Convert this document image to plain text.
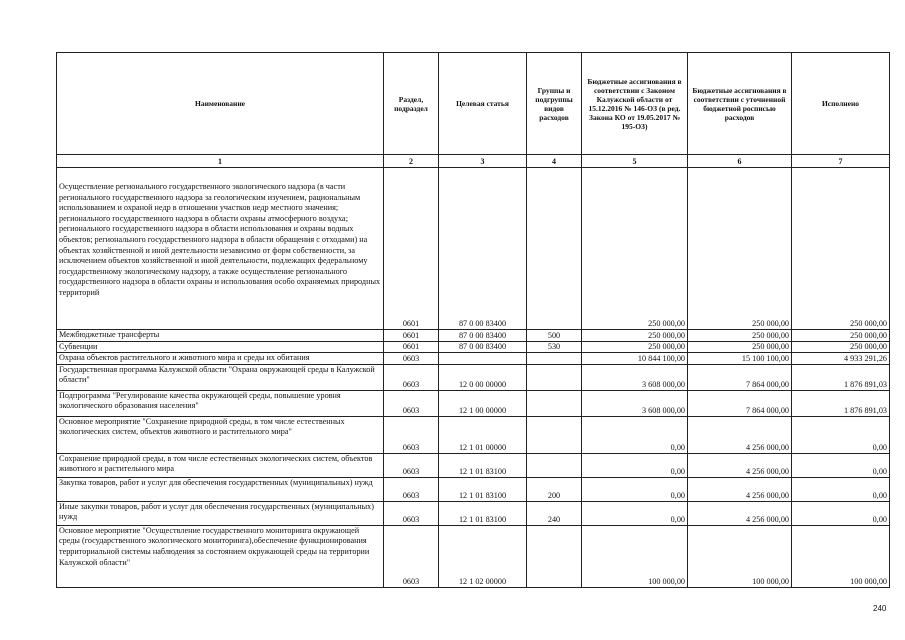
Наименование	Раздел, подраздел	Целевая статья	Группы и подгруппы видов расходов	Бюджетные ассигнования в соответствии с Законом Калужской области от 15.12.2016 № 146-ОЗ (в ред. Закона КО от 19.05.2017 № 195-ОЗ)	Бюджетные ассигнования в соответствии с уточненной бюджетной росписью расходов	Исполнено
1	2	3	4	5	6	7
Осуществление регионального государственного экологического надзора (в части регионального государственного надзора за геологическим изучением, рациональным использованием и охраной недр в отношении участков недр местного значения; регионального государственного надзора в области охраны атмосферного воздуха; регионального государственного надзора в области использования и охраны водных объектов; регионального государственного надзора в области обращения с отходами) на объектах хозяйственной и иной деятельности независимо от форм собственности, за исключением объектов хозяйственной и иной деятельности, подлежащих федеральному государственному экологическому надзору, а также осуществление регионального государственного надзора в области охраны и использования особо охраняемых природных территорий	0601	87 0 00 83400		250 000,00	250 000,00	250 000,00
Межбюджетные трансферты	0601	87 0 00 83400	500	250 000,00	250 000,00	250 000,00
Субвенции	0601	87 0 00 83400	530	250 000,00	250 000,00	250 000,00
Охрана объектов растительного и животного мира и среды их обитания	0603			10 844 100,00	15 100 100,00	4 933 291,26
Государственная программа Калужской области "Охрана окружающей среды в Калужской области"	0603	12 0 00 00000		3 608 000,00	7 864 000,00	1 876 891,03
Подпрограмма "Регулирование качества окружающей среды, повышение уровня экологического образования населения"	0603	12 1 00 00000		3 608 000,00	7 864 000,00	1 876 891,03
Основное мероприятие "Сохранение природной среды, в том числе естественных экологических систем, объектов животного и растительного мира"	0603	12 1 01 00000		0,00	4 256 000,00	0,00
Сохранение природной среды, в том числе естественных экологических систем, объектов животного и растительного мира	0603	12 1 01 83100		0,00	4 256 000,00	0,00
Закупка товаров, работ и услуг для обеспечения государственных (муниципальных) нужд	0603	12 1 01 83100	200	0,00	4 256 000,00	0,00
Иные закупки товаров, работ и услуг для обеспечения государственных (муниципальных) нужд	0603	12 1 01 83100	240	0,00	4 256 000,00	0,00
Основное мероприятие "Осуществление государственного мониторинга окружающей среды (государственного экологического мониторинга),обеспечение функционирования территориальной системы наблюдения за состоянием окружающей среды на территории Калужской области"	0603	12 1 02 00000		100 000,00	100 000,00	100 000,00
240
